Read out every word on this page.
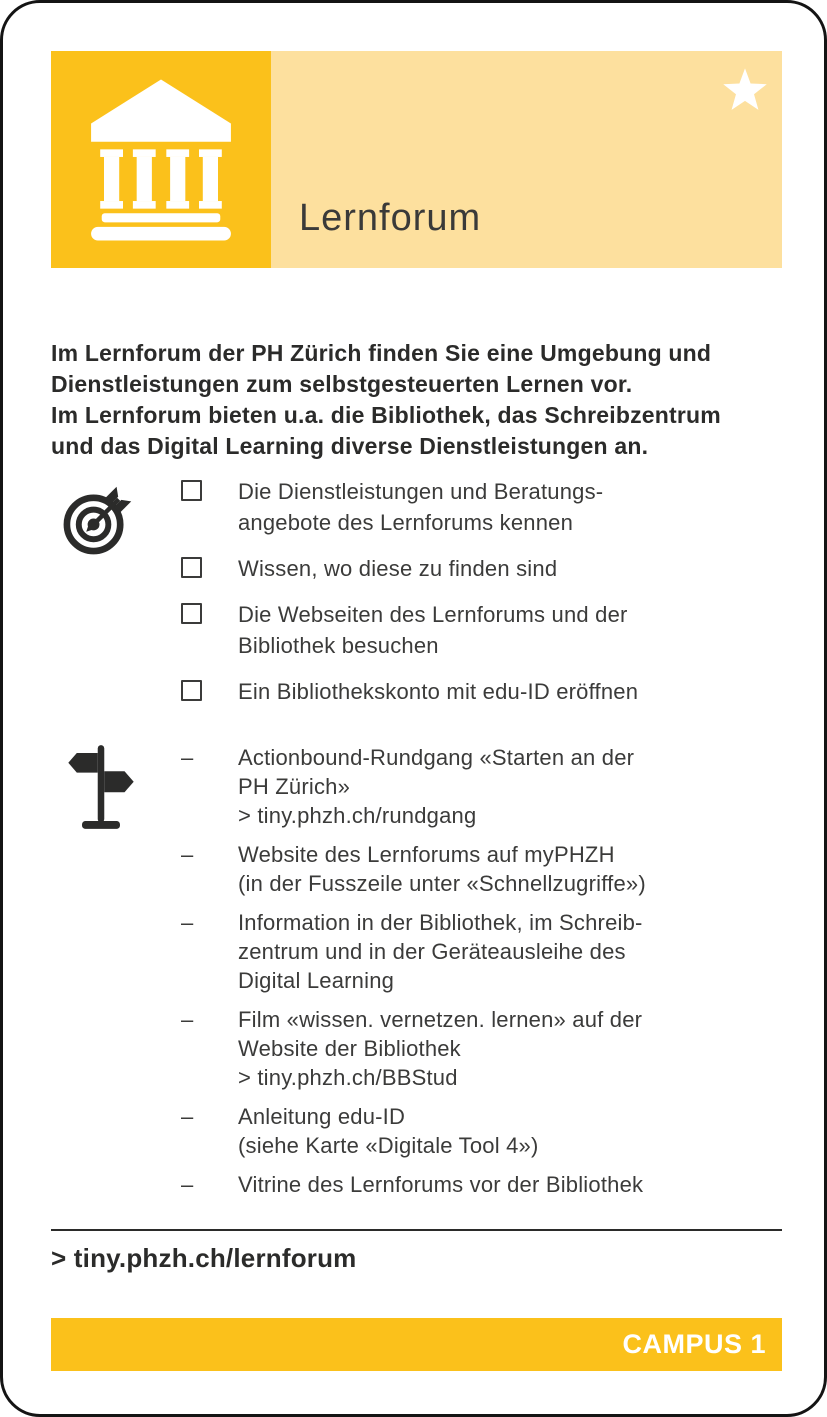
Lernforum

Im Lernforum der PH Zürich finden Sie eine Umgebung und
Dienstleistungen zum selbstgesteuerten Lernen vor.
Im Lernforum bieten u.a. die Bibliothek, das Schreibzentrum
und das Digital Learning diverse Dienstleistungen an.

Die Dienstleistungen und Beratungs-
angebote des Lernforums kennen
Wissen, wo diese zu finden sind
Die Webseiten des Lernforums und der
Bibliothek besuchen
Ein Bibliothekskonto mit edu-ID eröffnen
–	Actionbound-Rundgang «Starten an der
PH Zürich»
> tiny.phzh.ch/rundgang
–	Website des Lernforums auf myPHZH
(in der Fusszeile unter «Schnellzugriffe»)
–	Information in der Bibliothek, im Schreib-
zentrum und in der Geräteausleihe des
Digital Learning
–	Film «wissen. vernetzen. lernen» auf der
Website der Bibliothek
> tiny.phzh.ch/BBStud
–	Anleitung edu-ID
(siehe Karte «Digitale Tool 4»)
–	Vitrine des Lernforums vor der Bibliothek
> tiny.phzh.ch/lernforum
CAMPUS 1
